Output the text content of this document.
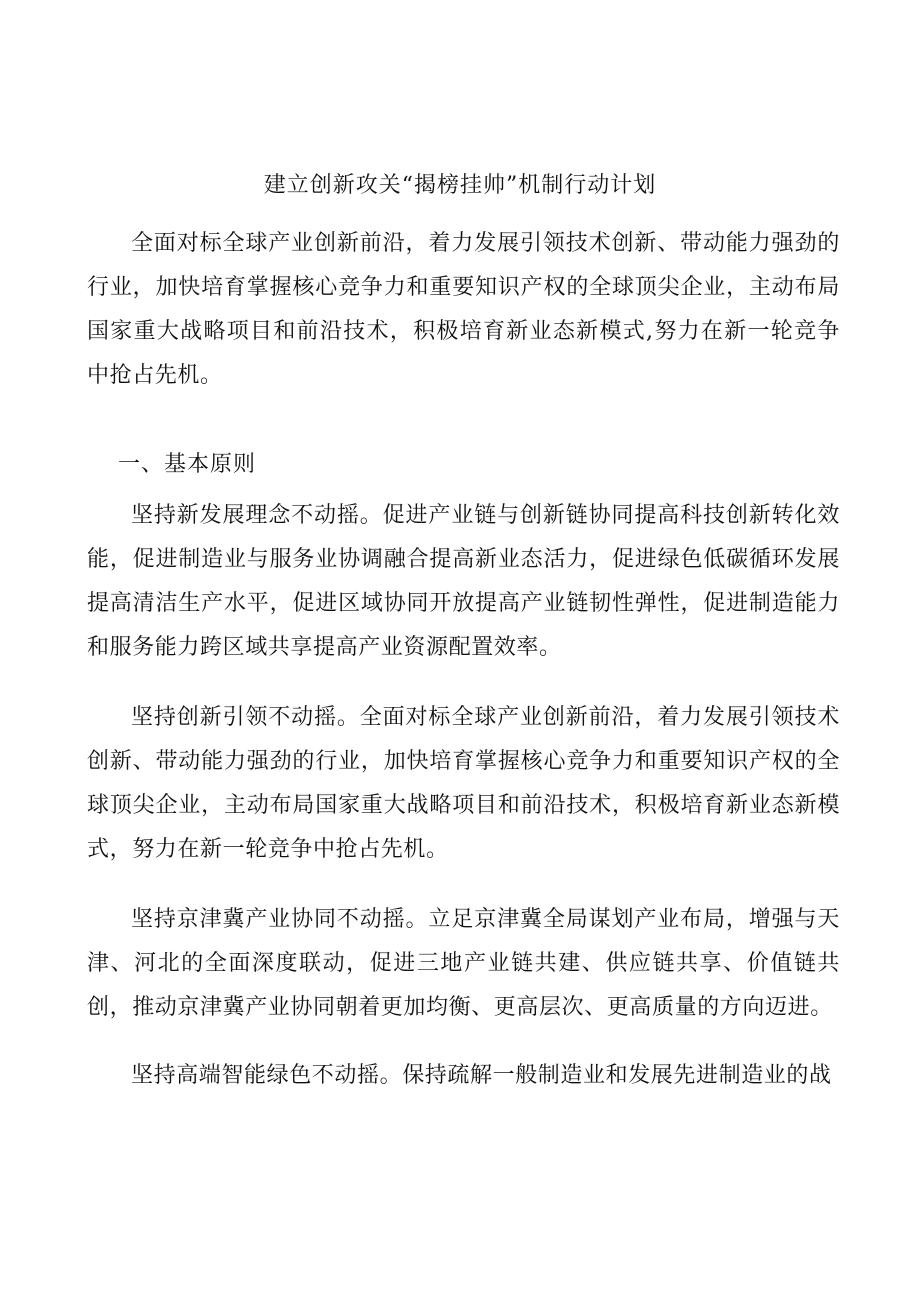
建立创新攻关“揭榜挂帅”机制行动计划

全面对标全球产业创新前沿，着力发展引领技术创新、带动能力强劲的行业，加快培育掌握核心竞争力和重要知识产权的全球顶尖企业，主动布局国家重大战略项目和前沿技术，积极培育新业态新模式,努力在新一轮竞争中抢占先机。

一、基本原则

坚持新发展理念不动摇。促进产业链与创新链协同提高科技创新转化效能，促进制造业与服务业协调融合提高新业态活力，促进绿色低碳循环发展提高清洁生产水平，促进区域协同开放提高产业链韧性弹性，促进制造能力和服务能力跨区域共享提高产业资源配置效率。

坚持创新引领不动摇。全面对标全球产业创新前沿，着力发展引领技术创新、带动能力强劲的行业，加快培育掌握核心竞争力和重要知识产权的全球顶尖企业，主动布局国家重大战略项目和前沿技术，积极培育新业态新模式，努力在新一轮竞争中抢占先机。

坚持京津冀产业协同不动摇。立足京津冀全局谋划产业布局，增强与天津、河北的全面深度联动，促进三地产业链共建、供应链共享、价值链共创，推动京津冀产业协同朝着更加均衡、更高层次、更高质量的方向迈进。

坚持高端智能绿色不动摇。保持疏解一般制造业和发展先进制造业的战
